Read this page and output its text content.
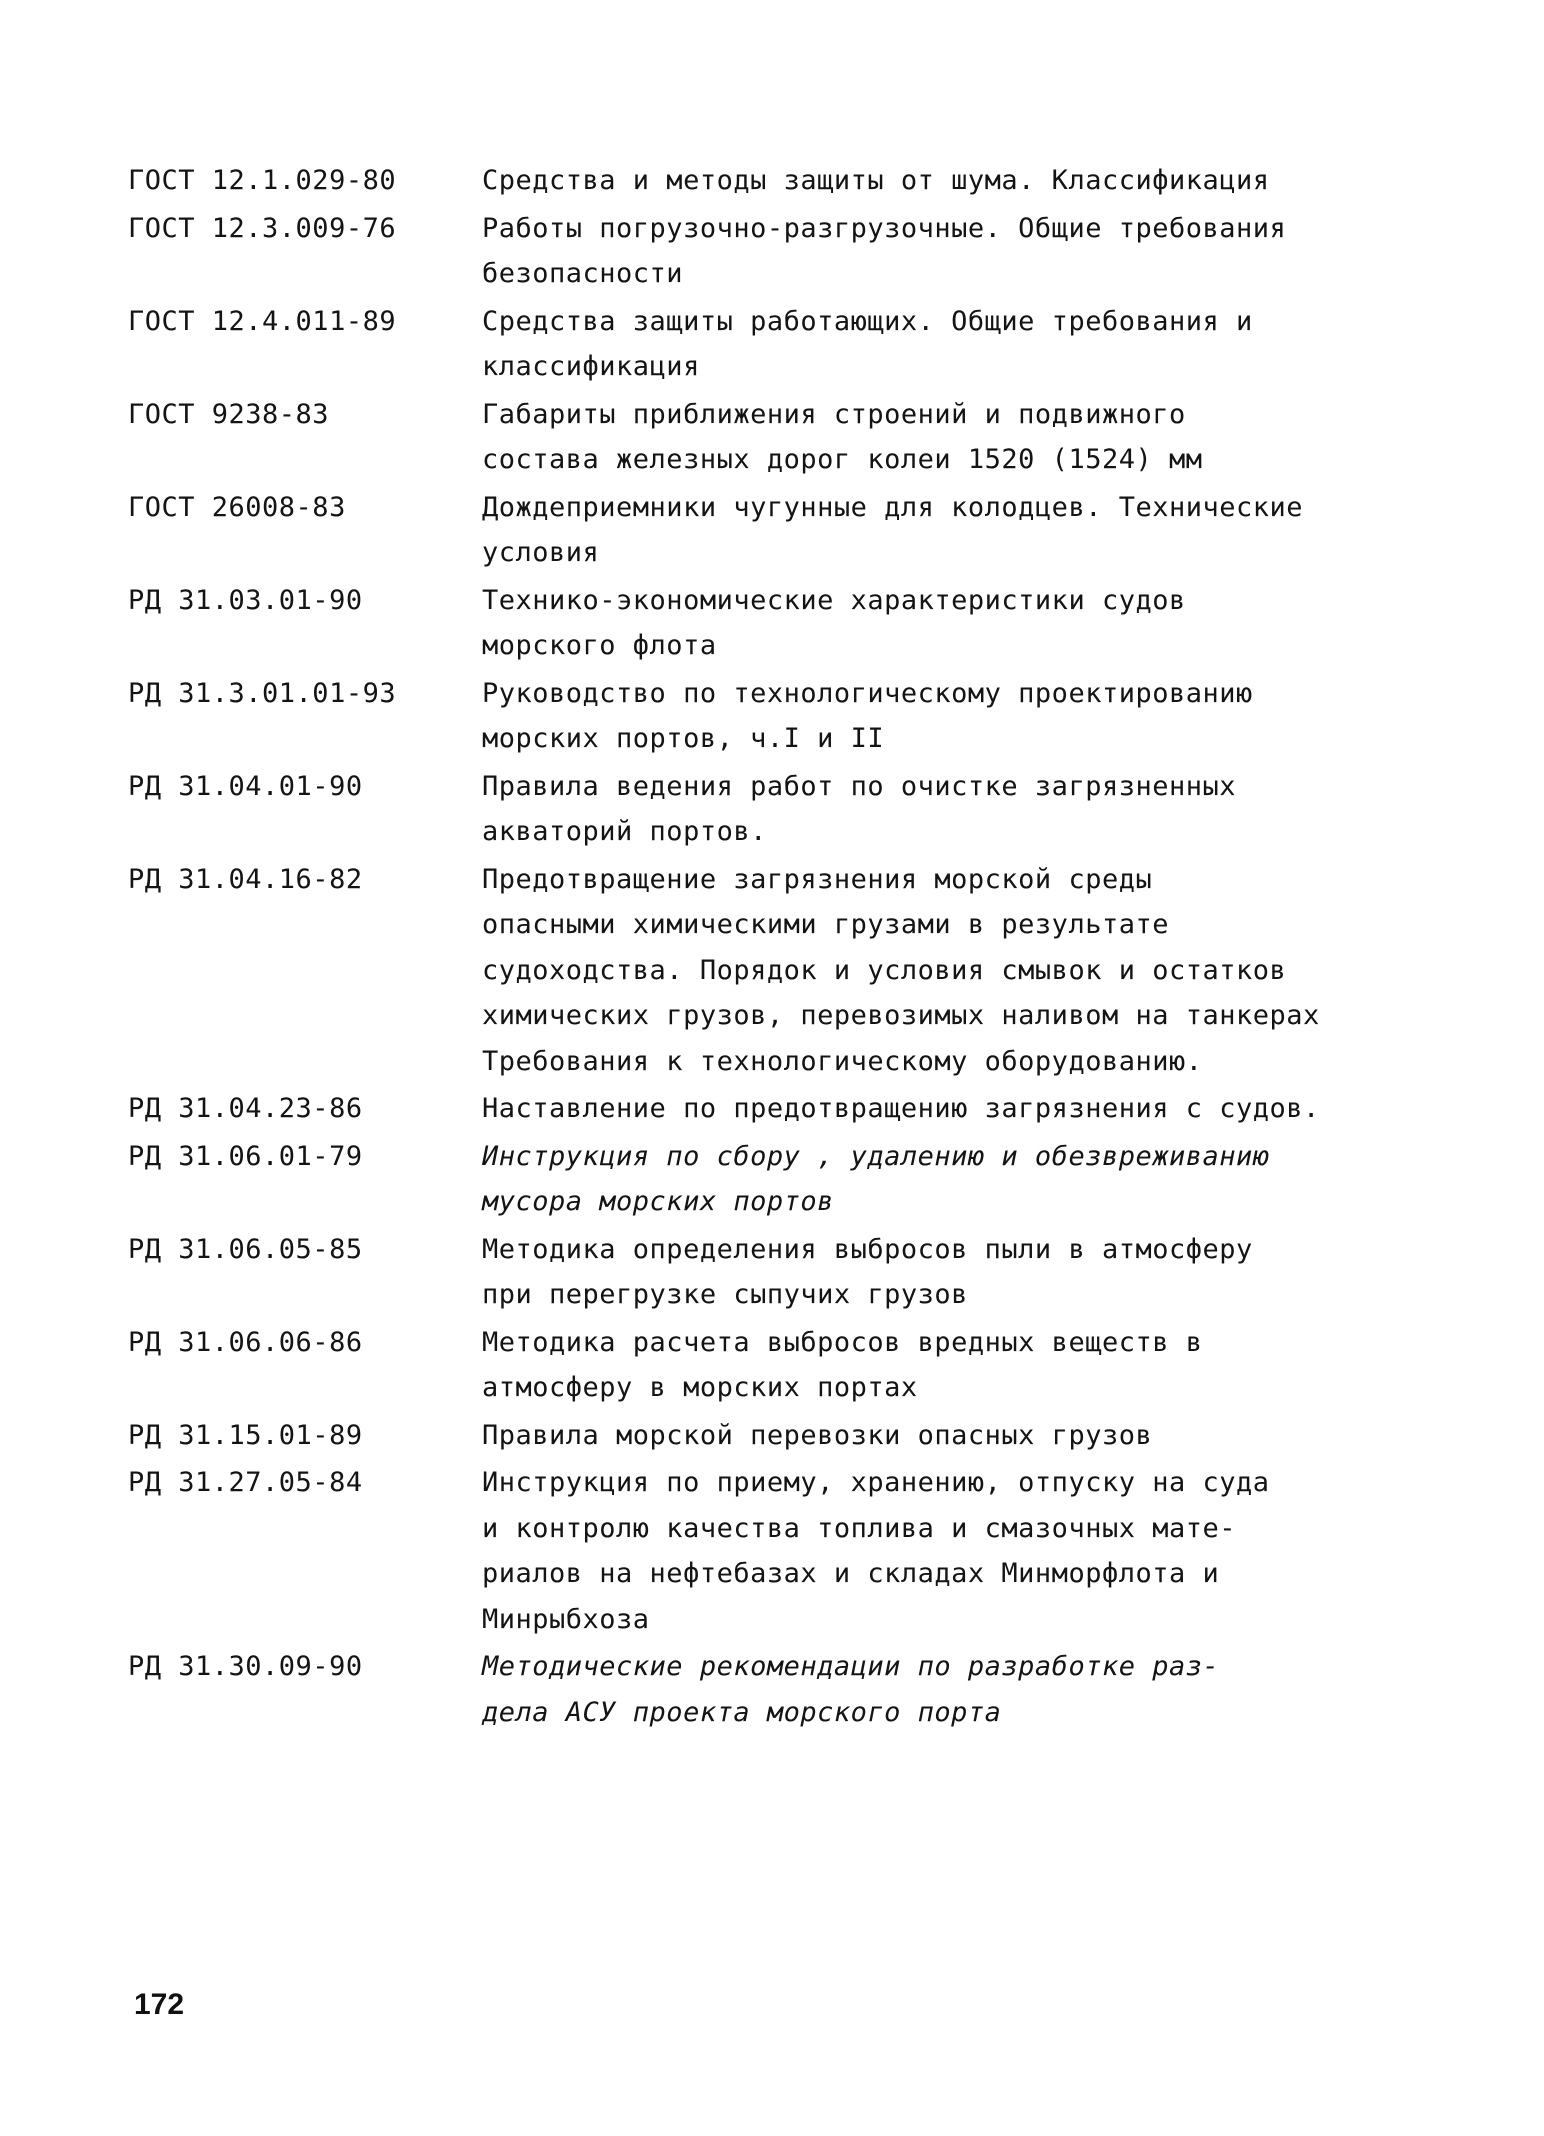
ГОСТ 12.1.029-80	Средства и методы защиты от шума. Классификация
ГОСТ 12.3.009-76	Работы погрузочно-разгрузочные. Общие требования
безопасности
ГОСТ 12.4.011-89	Средства защиты работающих. Общие требования и
классификация
ГОСТ 9238-83	Габариты приближения строений и подвижного
состава железных дорог колеи 1520 (1524) мм
ГОСТ 26008-83	Дождеприемники чугунные для колодцев. Технические
условия
РД 31.03.01-90	Технико-экономические характеристики судов
морского флота
РД 31.3.01.01-93	Руководство по технологическому проектированию
морских портов, ч.I и II
РД 31.04.01-90	Правила ведения работ по очистке загрязненных
акваторий портов.
РД 31.04.16-82	Предотвращение загрязнения морской среды
опасными химическими грузами в результате
судоходства. Порядок и условия смывок и остатков
химических грузов, перевозимых наливом на танкерах
Требования к технологическому оборудованию.
РД 31.04.23-86	Наставление по предотвращению загрязнения с судов.
РД 31.06.01-79	Инструкция по сбору , удалению и обезвреживанию
мусора морских портов
РД 31.06.05-85	Методика определения выбросов пыли в атмосферу
при перегрузке сыпучих грузов
РД 31.06.06-86	Методика расчета выбросов вредных веществ в
атмосферу в морских портах
РД 31.15.01-89	Правила морской перевозки опасных грузов
РД 31.27.05-84	Инструкция по приему, хранению, отпуску на суда
и контролю качества топлива и смазочных мате-
риалов на нефтебазах и складах Минморфлота и
Минрыбхоза
РД 31.30.09-90	Методические рекомендации по разработке раз-
дела АСУ проекта морского порта
172
